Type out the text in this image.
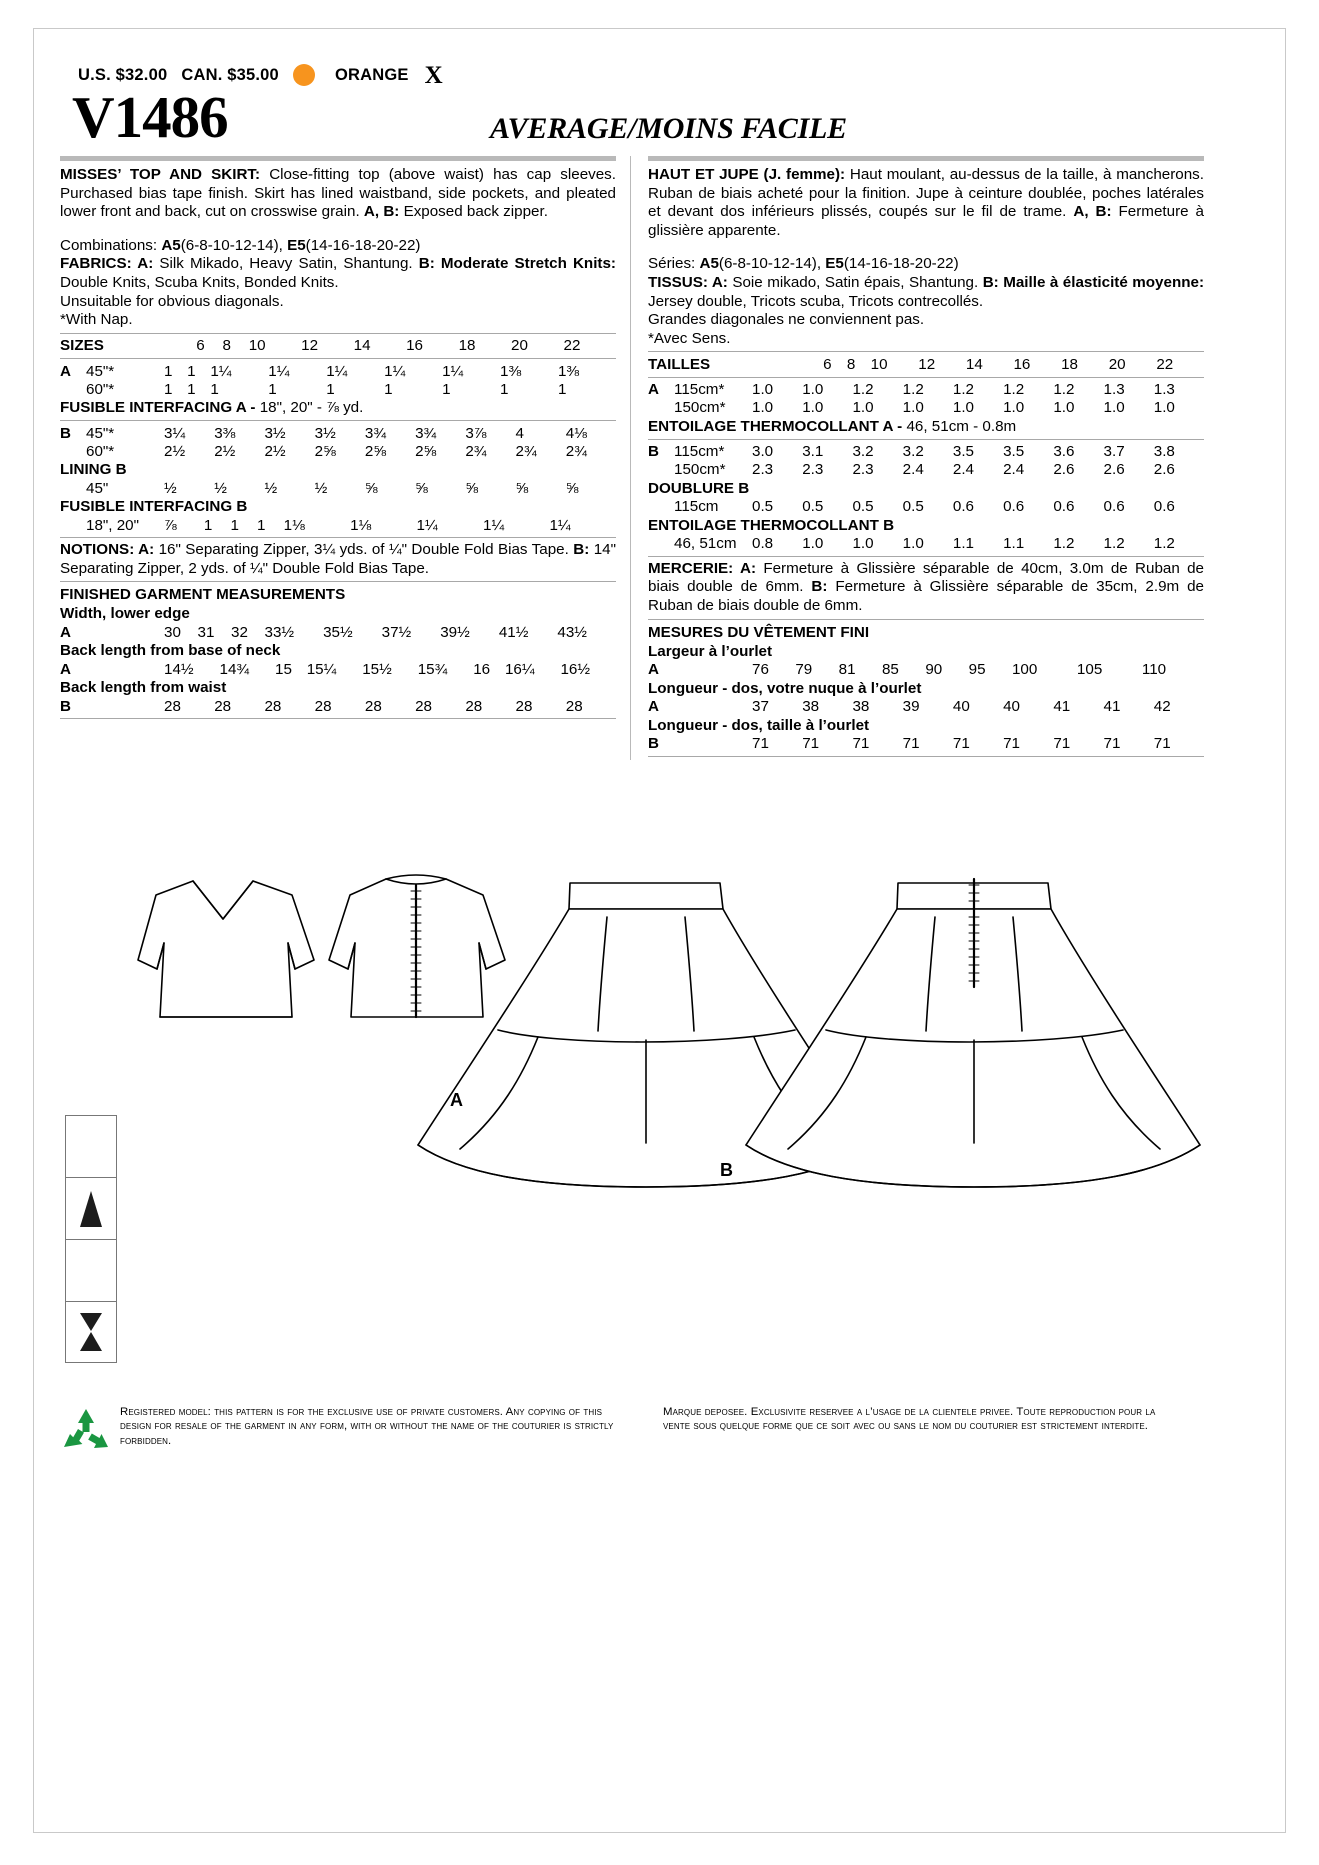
U.S. $32.00 CAN. $35.00	ORANGE X
V1486	AVERAGE/MOINS FACILE

MISSES’ TOP AND SKIRT: Close-fitting top (above waist) has cap sleeves. Purchased bias tape finish. Skirt has lined waistband, side pockets, and pleated lower front and back, cut on crosswise grain. A, B: Exposed back zipper.

Combinations: A5(6-8-10-12-14), E5(14-16-18-20-22)

FABRICS: A: Silk Mikado, Heavy Satin, Shantung. B: Moderate Stretch Knits: Double Knits, Scuba Knits, Bonded Knits.

Unsuitable for obvious diagonals.

*With Nap.

SIZES	6	8	10	12	14	16	18	20	22
A	45"*	1	1	1¼	1¼	1¼	1¼	1¼	1⅜	1⅜
	60"*	1	1	1	1	1	1	1	1	1
FUSIBLE INTERFACING A - 18", 20" - ⅞ yd.
B	45"*	3¼	3⅜	3½	3½	3¾	3¾	3⅞	4	4⅛
	60"*	2½	2½	2½	2⅝	2⅝	2⅝	2¾	2¾	2¾
LINING B
	45"	½	½	½	½	⅝	⅝	⅝	⅝	⅝
FUSIBLE INTERFACING B
	18", 20"	⅞	1	1	1	1⅛	1⅛	1¼	1¼	1¼

NOTIONS: A: 16" Separating Zipper, 3¼ yds. of ¼" Double Fold Bias Tape. B: 14" Separating Zipper, 2 yds. of ¼" Double Fold Bias Tape.

FINISHED GARMENT MEASUREMENTS
Width, lower edge
A		30	31	32	33½	35½	37½	39½	41½	43½
Back length from base of neck
A		14½	14¾	15	15¼	15½	15¾	16	16¼	16½
Back length from waist
B		28	28	28	28	28	28	28	28	28

HAUT ET JUPE (J. femme): Haut moulant, au-dessus de la taille, à mancherons. Ruban de biais acheté pour la finition. Jupe à ceinture doublée, poches latérales et devant dos inférieurs plissés, coupés sur le fil de trame. A, B: Fermeture à glissière apparente.

Séries: A5(6-8-10-12-14), E5(14-16-18-20-22)

TISSUS: A: Soie mikado, Satin épais, Shantung. B: Maille à élasticité moyenne: Jersey double, Tricots scuba, Tricots contrecollés.

Grandes diagonales ne conviennent pas.

*Avec Sens.

TAILLES	6	8	10	12	14	16	18	20	22
A	115cm*	1.0	1.0	1.2	1.2	1.2	1.2	1.2	1.3	1.3
	150cm*	1.0	1.0	1.0	1.0	1.0	1.0	1.0	1.0	1.0
ENTOILAGE THERMOCOLLANT A - 46, 51cm - 0.8m
B	115cm*	3.0	3.1	3.2	3.2	3.5	3.5	3.6	3.7	3.8
	150cm*	2.3	2.3	2.3	2.4	2.4	2.4	2.6	2.6	2.6
DOUBLURE B
	115cm	0.5	0.5	0.5	0.5	0.6	0.6	0.6	0.6	0.6
ENTOILAGE THERMOCOLLANT B
	46, 51cm	0.8	1.0	1.0	1.0	1.1	1.1	1.2	1.2	1.2

MERCERIE: A: Fermeture à Glissière séparable de 40cm, 3.0m de Ruban de biais double de 6mm. B: Fermeture à Glissière séparable de 35cm, 2.9m de Ruban de biais double de 6mm.

MESURES DU VÊTEMENT FINI
Largeur à l’ourlet
A		76	79	81	85	90	95	100	105	110
Longueur - dos, votre nuque à l’ourlet
A		37	38	38	39	40	40	41	41	42
Longueur - dos, taille à l’ourlet
B		71	71	71	71	71	71	71	71	71
A
B
Registered model: this pattern is for the exclusive use of private customers. Any copying of this design for resale of the garment in any form, with or without the name of the couturier is strictly forbidden.
Marque deposee. Exclusivite reservee a l’usage de la clientele privee. Toute reproduction pour la vente sous quelque forme que ce soit avec ou sans le nom du couturier est strictement interdite.
